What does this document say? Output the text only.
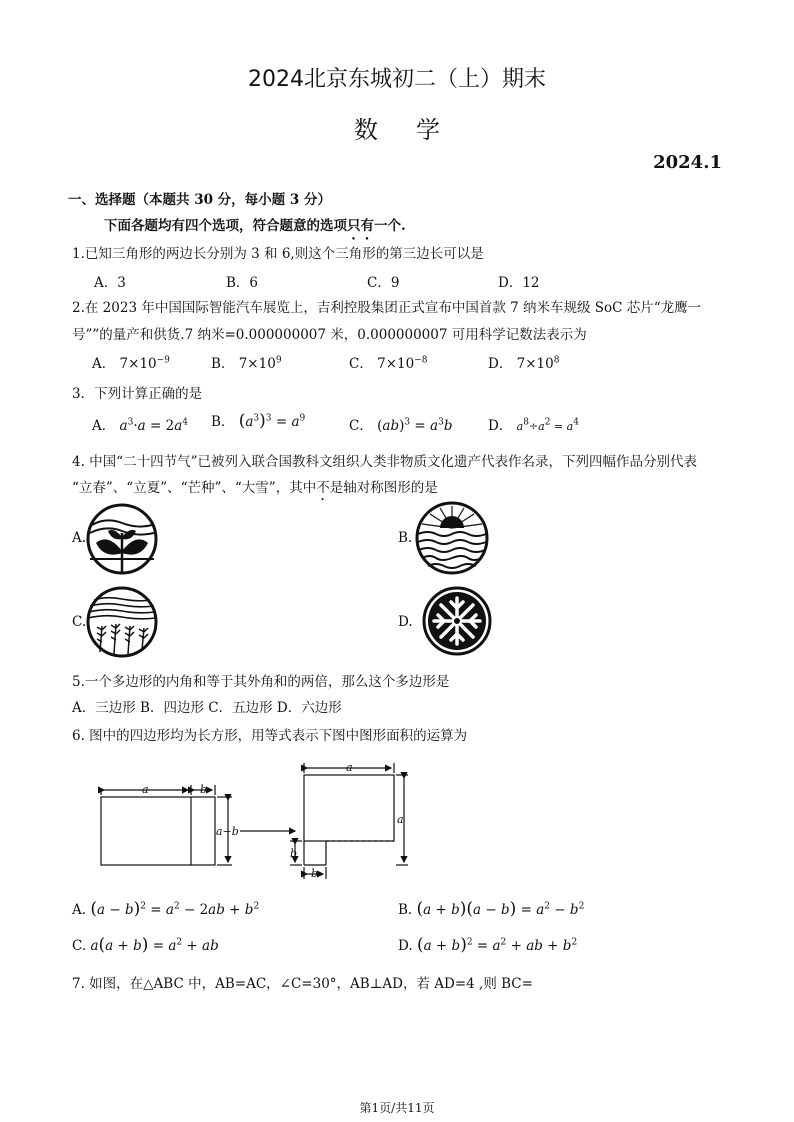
2024北京东城初二（上）期末
数学
2024.1
一、选择题（本题共 30 分，每小题 3 分）
下面各题均有四个选项，符合题意的选项只有一个.
1.已知三角形的两边长分别为 3 和 6,则这个三角形的第三边长可以是
A．3	B．6	C．9	D．12
2.在 2023 年中国国际智能汽车展览上，吉利控股集团正式宣布中国首款 7 纳米车规级 SoC 芯片“龙鹰一
号””的量产和供货.7 纳米=0.000000007 米，0.000000007 可用科学记数法表示为
A． $7\times 10^{-9}$	B． $7\times 10^9$	C． $7\times 10^{-8}$	D． $7\times 10^8$
3．下列计算正确的是
A． $a^3\cdot a = 2a^4$ B． $(a^3)^3 = a^9$	C． $(ab)^3 = a^3b$	D． $a^8\div a^2 = a^4$
4. 中国“二十四节气”已被列入联合国教科文组织人类非物质文化遗产代表作名录，下列四幅作品分别代表
“立春”、“立夏”、“芒种”、“大雪”，其中不是轴对称图形的是
A.	B.
C.	D.
5.一个多边形的内角和等于其外角和的两倍，那么这个多边形是
A．三边形 B．四边形 C．五边形 D．六边形
6. 图中的四边形均为长方形，用等式表示下图中图形面积的运算为
a	b
a−b
a
a
b
b
A. $(a - b)^2 = a^2 - 2ab + b^2$	B. $(a + b)(a - b) = a^2 - b^2$
C. $a(a + b) = a^2$ + ab	D. $(a + b)^2 = a^2$ + ab + $b^2$
7. 如图，在△ABC 中，AB=AC，∠C=30°，AB⊥AD，若 AD=4 ,则 BC=
第1页/共11页
